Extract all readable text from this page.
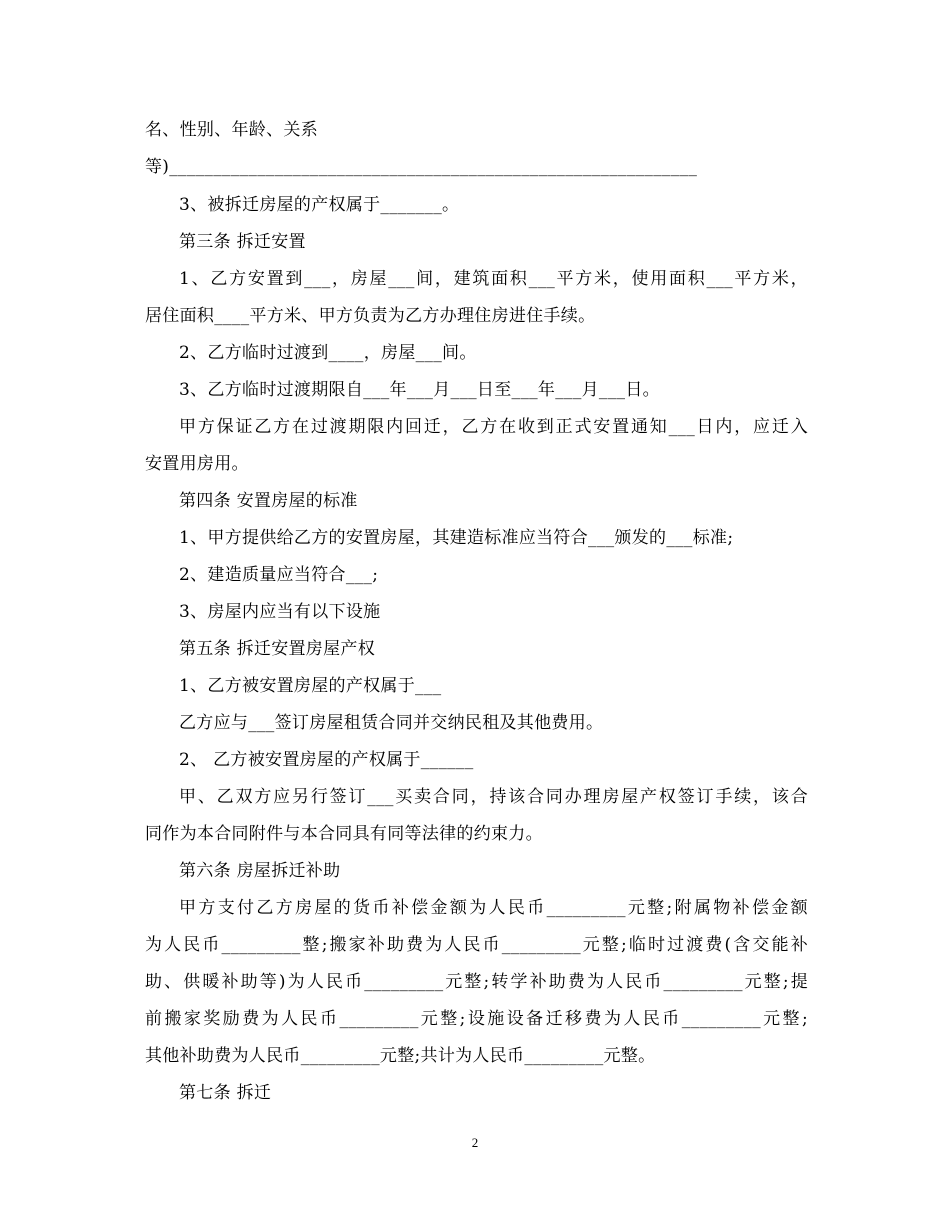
名、性别、年龄、关系
等)____________________________________________________________
3、被拆迁房屋的产权属于_______。
第三条 拆迁安置
1、乙方安置到___，房屋___间，建筑面积___平方米，使用面积___平方米，
居住面积____平方米、甲方负责为乙方办理住房进住手续。
2、乙方临时过渡到____，房屋___间。
3、乙方临时过渡期限自___年___月___日至___年___月___日。
甲方保证乙方在过渡期限内回迁，乙方在收到正式安置通知___日内，应迁入
安置用房用。
第四条 安置房屋的标准
1、甲方提供给乙方的安置房屋，其建造标准应当符合___颁发的___标准;
2、建造质量应当符合___;
3、房屋内应当有以下设施
第五条 拆迁安置房屋产权
1、乙方被安置房屋的产权属于___
乙方应与___签订房屋租赁合同并交纳民租及其他费用。
2、 乙方被安置房屋的产权属于______
甲、乙双方应另行签订___买卖合同，持该合同办理房屋产权签订手续，该合
同作为本合同附件与本合同具有同等法律的约束力。
第六条 房屋拆迁补助
甲方支付乙方房屋的货币补偿金额为人民币_________元整;附属物补偿金额
为人民币_________整;搬家补助费为人民币_________元整;临时过渡费(含交能补
助、供暖补助等)为人民币_________元整;转学补助费为人民币_________元整;提
前搬家奖励费为人民币_________元整;设施设备迁移费为人民币_________元整;
其他补助费为人民币_________元整;共计为人民币_________元整。
第七条 拆迁
2
